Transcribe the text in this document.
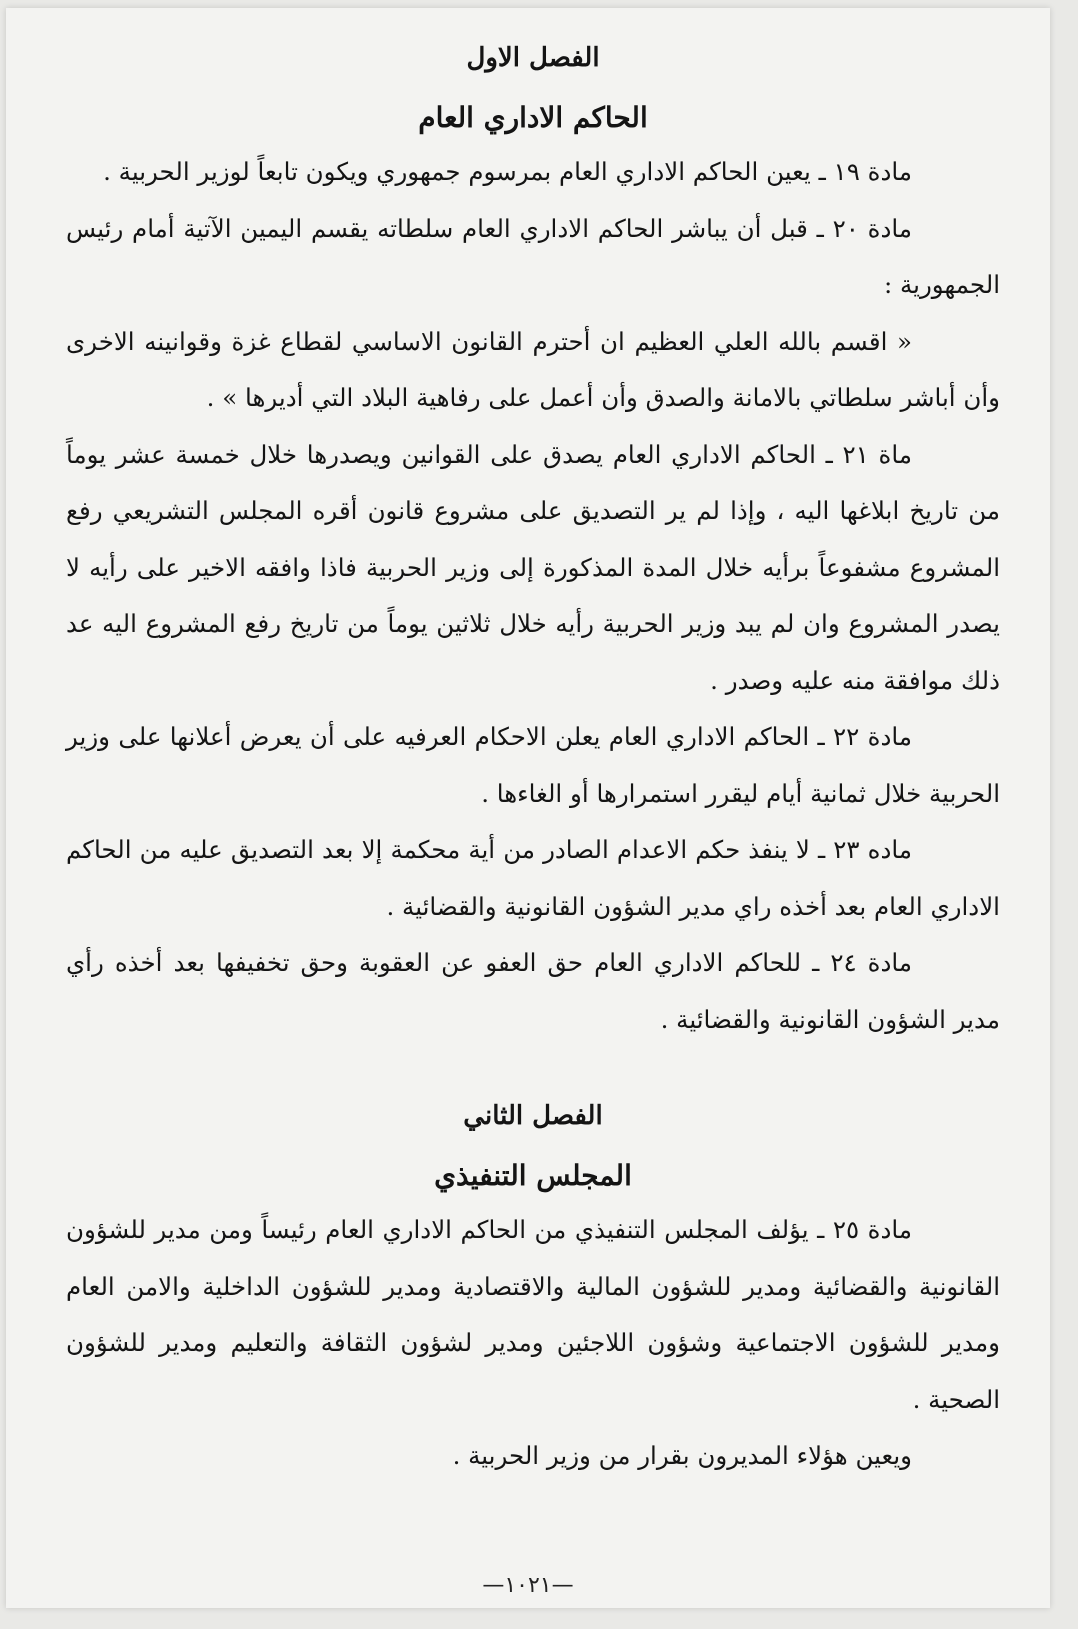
الفصل الاول
الحاكم الاداري العام

مادة ١٩ ـ يعين الحاكم الاداري العام بمرسوم جمهوري ويكون تابعاً لوزير الحربية .

مادة ٢٠ ـ قبل أن يباشر الحاكم الاداري العام سلطاته يقسم اليمين الآتية أمام رئيس الجمهورية :

« اقسم بالله العلي العظيم ان أحترم القانون الاساسي لقطاع غزة وقوانينه الاخرى وأن أباشر سلطاتي بالامانة والصدق وأن أعمل على رفاهية البلاد التي أديرها » .

ماة ٢١ ـ الحاكم الاداري العام يصدق على القوانين ويصدرها خلال خمسة عشر يوماً من تاريخ ابلاغها اليه ، وإذا لم ير التصديق على مشروع قانون أقره المجلس التشريعي رفع المشروع مشفوعاً برأيه خلال المدة المذكورة إلى وزير الحربية فاذا وافقه الاخير على رأيه لا يصدر المشروع وان لم يبد وزير الحربية رأيه خلال ثلاثين يوماً من تاريخ رفع المشروع اليه عد ذلك موافقة منه عليه وصدر .

مادة ٢٢ ـ الحاكم الاداري العام يعلن الاحكام العرفيه على أن يعرض أعلانها على وزير الحربية خلال ثمانية أيام ليقرر استمرارها أو الغاءها .

ماده ٢٣ ـ لا ينفذ حكم الاعدام الصادر من أية محكمة إلا بعد التصديق عليه من الحاكم الاداري العام بعد أخذه راي مدير الشؤون القانونية والقضائية .

مادة ٢٤ ـ للحاكم الاداري العام حق العفو عن العقوبة وحق تخفيفها بعد أخذه رأي مدير الشؤون القانونية والقضائية .

الفصل الثاني
المجلس التنفيذي

مادة ٢٥ ـ يؤلف المجلس التنفيذي من الحاكم الاداري العام رئيساً ومن مدير للشؤون القانونية والقضائية ومدير للشؤون المالية والاقتصادية ومدير للشؤون الداخلية والامن العام ومدير للشؤون الاجتماعية وشؤون اللاجئين ومدير لشؤون الثقافة والتعليم ومدير للشؤون الصحية .

ويعين هؤلاء المديرون بقرار من وزير الحربية .

—١٠٢١—
